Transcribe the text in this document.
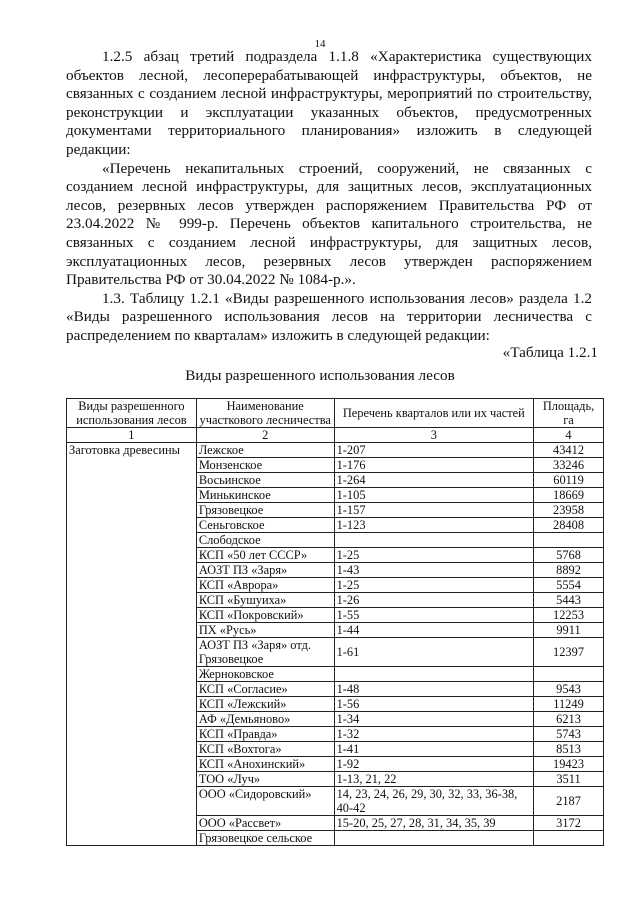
14

1.2.5 абзац третий подраздела 1.1.8 «Характеристика существующих объектов лесной, лесоперерабатывающей инфраструктуры, объектов, не связанных с созданием лесной инфраструктуры, мероприятий по строительству, реконструкции и эксплуатации указанных объектов, предусмотренных документами территориального планирования» изложить в следующей редакции:

«Перечень некапитальных строений, сооружений, не связанных с созданием лесной инфраструктуры, для защитных лесов, эксплуатационных лесов, резервных лесов утвержден распоряжением Правительства РФ от 23.04.2022 № 999-р. Перечень объектов капитального строительства, не связанных с созданием лесной инфраструктуры, для защитных лесов, эксплуатационных лесов, резервных лесов утвержден распоряжением Правительства РФ от 30.04.2022 № 1084-р.».

1.3. Таблицу 1.2.1 «Виды разрешенного использования лесов» раздела 1.2 «Виды разрешенного использования лесов на территории лесничества с распределением по кварталам» изложить в следующей редакции:

«Таблица 1.2.1
Виды разрешенного использования лесов
Виды разрешенного использования лесов	Наименование участкового лесничества	Перечень кварталов или их частей	Площадь, га
1	2	3	4
Заготовка древесины	Лежское	1-207	43412
	Монзенское	1-176	33246
	Восьинское	1-264	60119
	Минькинское	1-105	18669
	Грязовецкое	1-157	23958
	Сеньговское	1-123	28408
	Слободское		
	КСП «50 лет СССР»	1-25	5768
	АОЗТ ПЗ «Заря»	1-43	8892
	КСП «Аврора»	1-25	5554
	КСП «Бушуиха»	1-26	5443
	КСП «Покровский»	1-55	12253
	ПХ «Русь»	1-44	9911
	АОЗТ ПЗ «Заря» отд. Грязовецкое	1-61	12397
	Жерноковское		
	КСП «Согласие»	1-48	9543
	КСП «Лежский»	1-56	11249
	АФ «Демьяново»	1-34	6213
	КСП «Правда»	1-32	5743
	КСП «Вохтога»	1-41	8513
	КСП «Анохинский»	1-92	19423
	ТОО «Луч»	1-13, 21, 22	3511
	ООО «Сидоровский»	14, 23, 24, 26, 29, 30, 32, 33, 36-38, 40-42	2187
	ООО «Рассвет»	15-20, 25, 27, 28, 31, 34, 35, 39	3172
	Грязовецкое сельское		
